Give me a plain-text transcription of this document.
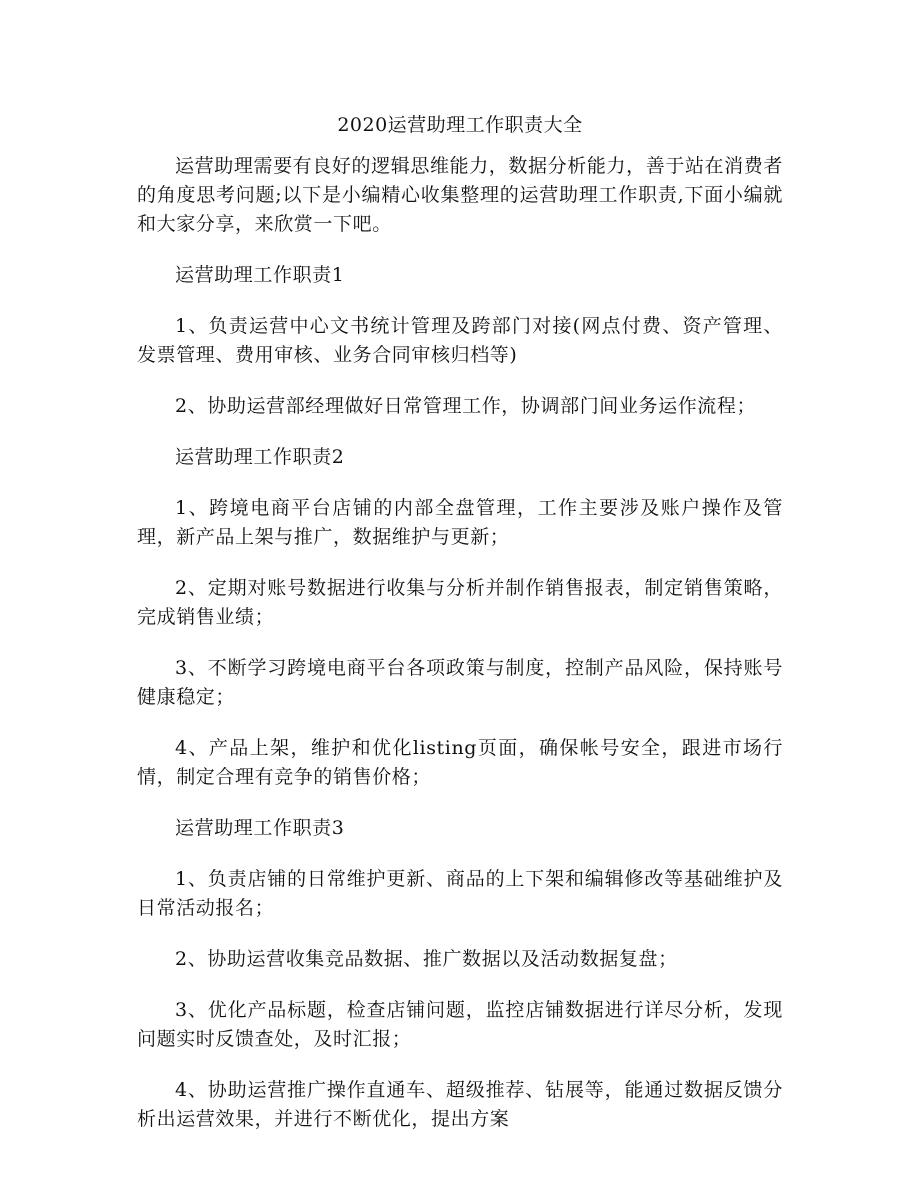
2020运营助理工作职责大全

运营助理需要有良好的逻辑思维能力，数据分析能力，善于站在消费者的角度思考问题;以下是小编精心收集整理的运营助理工作职责,下面小编就和大家分享，来欣赏一下吧。

运营助理工作职责1

1、负责运营中心文书统计管理及跨部门对接(网点付费、资产管理、发票管理、费用审核、业务合同审核归档等)

2、协助运营部经理做好日常管理工作，协调部门间业务运作流程；

运营助理工作职责2

1、跨境电商平台店铺的内部全盘管理，工作主要涉及账户操作及管理，新产品上架与推广，数据维护与更新；

2、定期对账号数据进行收集与分析并制作销售报表，制定销售策略，完成销售业绩；

3、不断学习跨境电商平台各项政策与制度，控制产品风险，保持账号健康稳定；

4、产品上架，维护和优化listing页面，确保帐号安全，跟进市场行情，制定合理有竞争的销售价格；

运营助理工作职责3

1、负责店铺的日常维护更新、商品的上下架和编辑修改等基础维护及日常活动报名；

2、协助运营收集竞品数据、推广数据以及活动数据复盘；

3、优化产品标题，检查店铺问题，监控店铺数据进行详尽分析，发现问题实时反馈查处，及时汇报；

4、协助运营推广操作直通车、超级推荐、钻展等，能通过数据反馈分析出运营效果，并进行不断优化，提出方案
